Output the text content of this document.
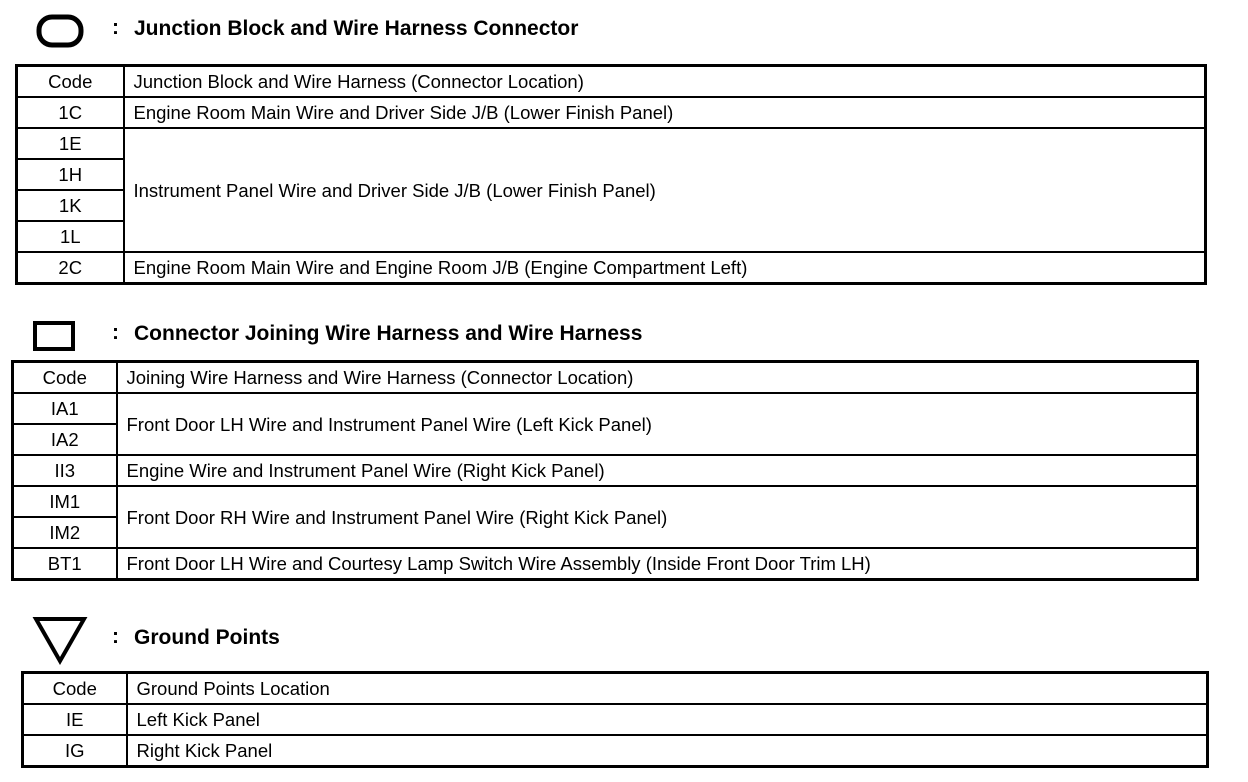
: Junction Block and Wire Harness Connector
Code	Junction Block and Wire Harness (Connector Location)
1C	Engine Room Main Wire and Driver Side J/B (Lower Finish Panel)
1E	Instrument Panel Wire and Driver Side J/B (Lower Finish Panel)
1H	
1K	
1L	
2C	Engine Room Main Wire and Engine Room J/B (Engine Compartment Left)
: Connector Joining Wire Harness and Wire Harness
Code	Joining Wire Harness and Wire Harness (Connector Location)
IA1	Front Door LH Wire and Instrument Panel Wire (Left Kick Panel)
IA2	
II3	Engine Wire and Instrument Panel Wire (Right Kick Panel)
IM1	Front Door RH Wire and Instrument Panel Wire (Right Kick Panel)
IM2	
BT1	Front Door LH Wire and Courtesy Lamp Switch Wire Assembly (Inside Front Door Trim LH)
: Ground Points
Code	Ground Points Location
IE	Left Kick Panel
IG	Right Kick Panel
